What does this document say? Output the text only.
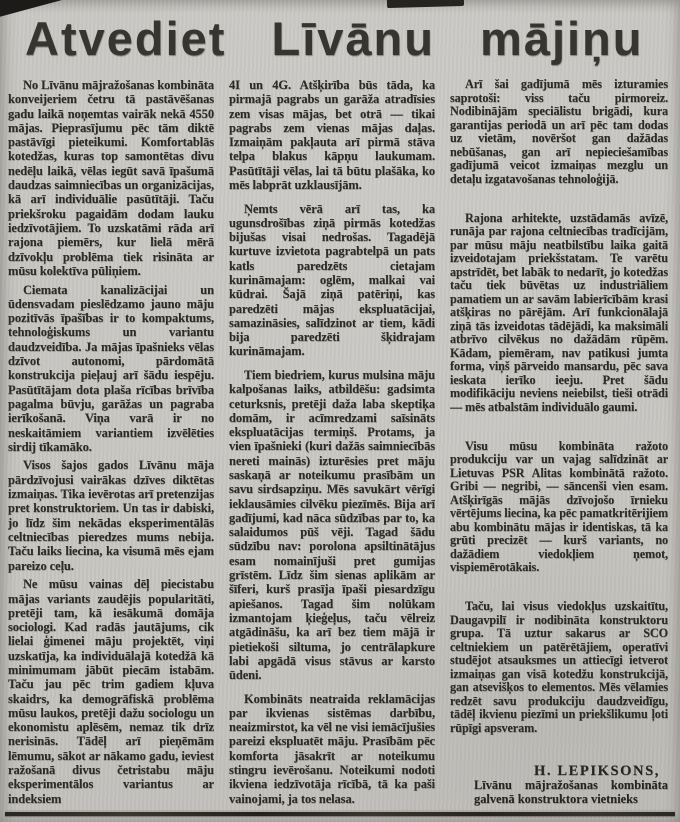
Atvediet Līvānu mājiņu

No Līvānu mājražošanas kombināta konveijeriem četru tā pastāvēšanas gadu laikā noņemtas vairāk nekā 4550 mājas. Pieprasījumu pēc tām diktē pastāvīgi pieteikumi. Komfortablās kotedžas, kuras top samontētas divu nedēļu laikā, vēlas iegūt savā īpašumā daudzas saimniecības un organizācijas, kā arī individuālie pasūtītāji. Taču priekšroku pagaidām dodam lauku iedzīvotājiem. To uzskatāmi rāda arī rajona piemērs, kur lielā mērā dzīvokļu problēma tiek risināta ar mūsu kolektīva pūliņiem.

Ciemata kanalizācijai un ūdensvadam pieslēdzamo jauno māju pozitīvās īpašības ir to kompaktums, tehnoloģiskums un variantu daudzveidība. Ja mājas īpašnieks vēlas dzīvot autonomi, pārdomātā konstrukcija pieļauj arī šādu iespēju. Pasūtītājam dota plaša rīcības brīvība pagalma būvju, garāžas un pagraba ierīkošanā. Viņa varā ir no neskaitāmiem variantiem izvēlēties sirdij tīkamāko.

Visos šajos gados Līvānu māja pārdzīvojusi vairākas dzīves diktētas izmaiņas. Tika ievērotas arī pretenzijas pret konstruktoriem. Un tas ir dabiski, jo līdz šim nekādas eksperimentālās celtniecības pieredzes mums nebija. Taču laiks liecina, ka visumā mēs ejam pareizo ceļu.

Ne mūsu vainas dēļ piecistabu mājas variants zaudējis popularitāti, pretēji tam, kā iesākumā domāja sociologi. Kad radās jautājums, cik lielai ģimenei māju projektēt, viņi uzskatīja, ka individuālajā kotedžā kā minimumam jābūt piecām istabām. Taču jau pēc trim gadiem kļuva skaidrs, ka demogrāfiskā problēma mūsu laukos, pretēji dažu sociologu un ekonomistu aplēsēm, nemaz tik drīz nerisinās. Tādēļ arī pieņēmām lēmumu, sākot ar nākamo gadu, ieviest ražošanā divus četristabu māju eksperimentālos variantus ar indeksiem

4I un 4G. Atšķirība būs tāda, ka pirmajā pagrabs un garāža atradīsies zem visas mājas, bet otrā — tikai pagrabs zem vienas mājas daļas. Izmaiņām pakļauta arī pirmā stāva telpa blakus kāpņu laukumam. Pasūtītāji vēlas, lai tā būtu plašāka, ko mēs labprāt uzklausījām.

Ņemts vērā arī tas, ka ugunsdrošības ziņā pirmās kotedžas bijušas visai nedrošas. Tagadējā kurtuve izvietota pagrabtelpā un pats katls paredzēts cietajam kurināmajam: oglēm, malkai vai kūdrai. Šajā ziņā patēriņi, kas paredzēti mājas ekspluatācijai, samazināsies, salīdzinot ar tiem, kādi bija paredzēti šķidrajam kurināmajam.

Tiem biedriem, kurus mulsina māju kalpošanas laiks, atbildēšu: gadsimta ceturksnis, pretēji daža laba skeptiķa domām, ir acīmredzami saīsināts ekspluatācijas termiņš. Protams, ja vien īpašnieki (kuri dažās saimniecībās nereti mainās) izturēsies pret māju saskaņā ar noteikumu prasībām un savu sirdsapziņu. Mēs savukārt vērīgi ieklausāmies cilvēku piezīmēs. Bija arī gadījumi, kad nāca sūdzības par to, ka salaidumos pūš vēji. Tagad šādu sūdzību nav: porolona apsiltinātājus esam nomainījuši pret gumijas grīstēm. Līdz šim sienas aplikām ar šīferi, kurš prasīja īpaši piesardzīgu apiešanos. Tagad šim nolūkam izmantojam ķieģeļus, taču vēlreiz atgādināšu, ka arī bez tiem mājā ir pietiekoši siltuma, jo centrālapkure labi apgādā visus stāvus ar karsto ūdeni.

Kombināts neatraida reklamācijas par ikvienas sistēmas darbību, neaizmirstot, ka vēl ne visi iemācījušies pareizi ekspluatēt māju. Prasībām pēc komforta jāsakrīt ar noteikumu stingru ievērošanu. Noteikumi nodoti ikviena iedzīvotāja rīcībā, tā ka paši vainojami, ja tos nelasa.

Arī šai gadījumā mēs izturamies saprotoši: viss taču pirmoreiz. Nodibinājām speciālistu brigādi, kura garantijas periodā un arī pēc tam dodas uz vietām, novēršot gan dažādas nebūšanas, gan arī nepieciešamības gadījumā veicot izmaiņas mezglu un detaļu izgatavošanas tehnoloģijā.

Rajona arhitekte, uzstādamās avīzē, runāja par rajona celtniecības tradīcijām, par mūsu māju neatbilstību laika gaitā izveidotajam priekšstatam. Te varētu apstrīdēt, bet labāk to nedarīt, jo kotedžas taču tiek būvētas uz industriāliem pamatiem un ar savām labierīcībām krasi atšķiras no pārējām. Arī funkcionālajā ziņā tās izveidotas tādējādi, ka maksimāli atbrīvo cilvēkus no dažādām rūpēm. Kādam, piemēram, nav patikusi jumta forma, viņš pārveido mansardu, pēc sava ieskata ierīko ieeju. Pret šādu modifikāciju neviens neiebilst, tieši otrādi — mēs atbalstām individuālo gaumi.

Visu mūsu kombināta ražoto produkciju var un vajag salīdzināt ar Lietuvas PSR Alitas kombinātā ražoto. Gribi — negribi, — sāncenši vien esam. Atšķirīgās mājās dzīvojošo īrnieku vērtējums liecina, ka pēc pamatkritērijiem abu kombinātu mājas ir identiskas, tā ka grūti precizēt — kurš variants, no dažādiem viedokļiem ņemot, vispiemērotākais.

Taču, lai visus viedokļus uzskaitītu, Daugavpilī ir nodibināta konstruktoru grupa. Tā uztur sakarus ar SCO celtniekiem un patērētājiem, operatīvi studējot atsauksmes un attiecīgi ietverot izmaiņas gan visā kotedžu konstrukcijā, gan atsevišķos to elementos. Mēs vēlamies redzēt savu produkciju daudzveidīgu, tādēļ ikvienu piezīmi un priekšlikumu ļoti rūpīgi apsveram.

H. LEPIKSONS,
Līvānu mājražošanas kombināta galvenā konstruktora vietnieks
